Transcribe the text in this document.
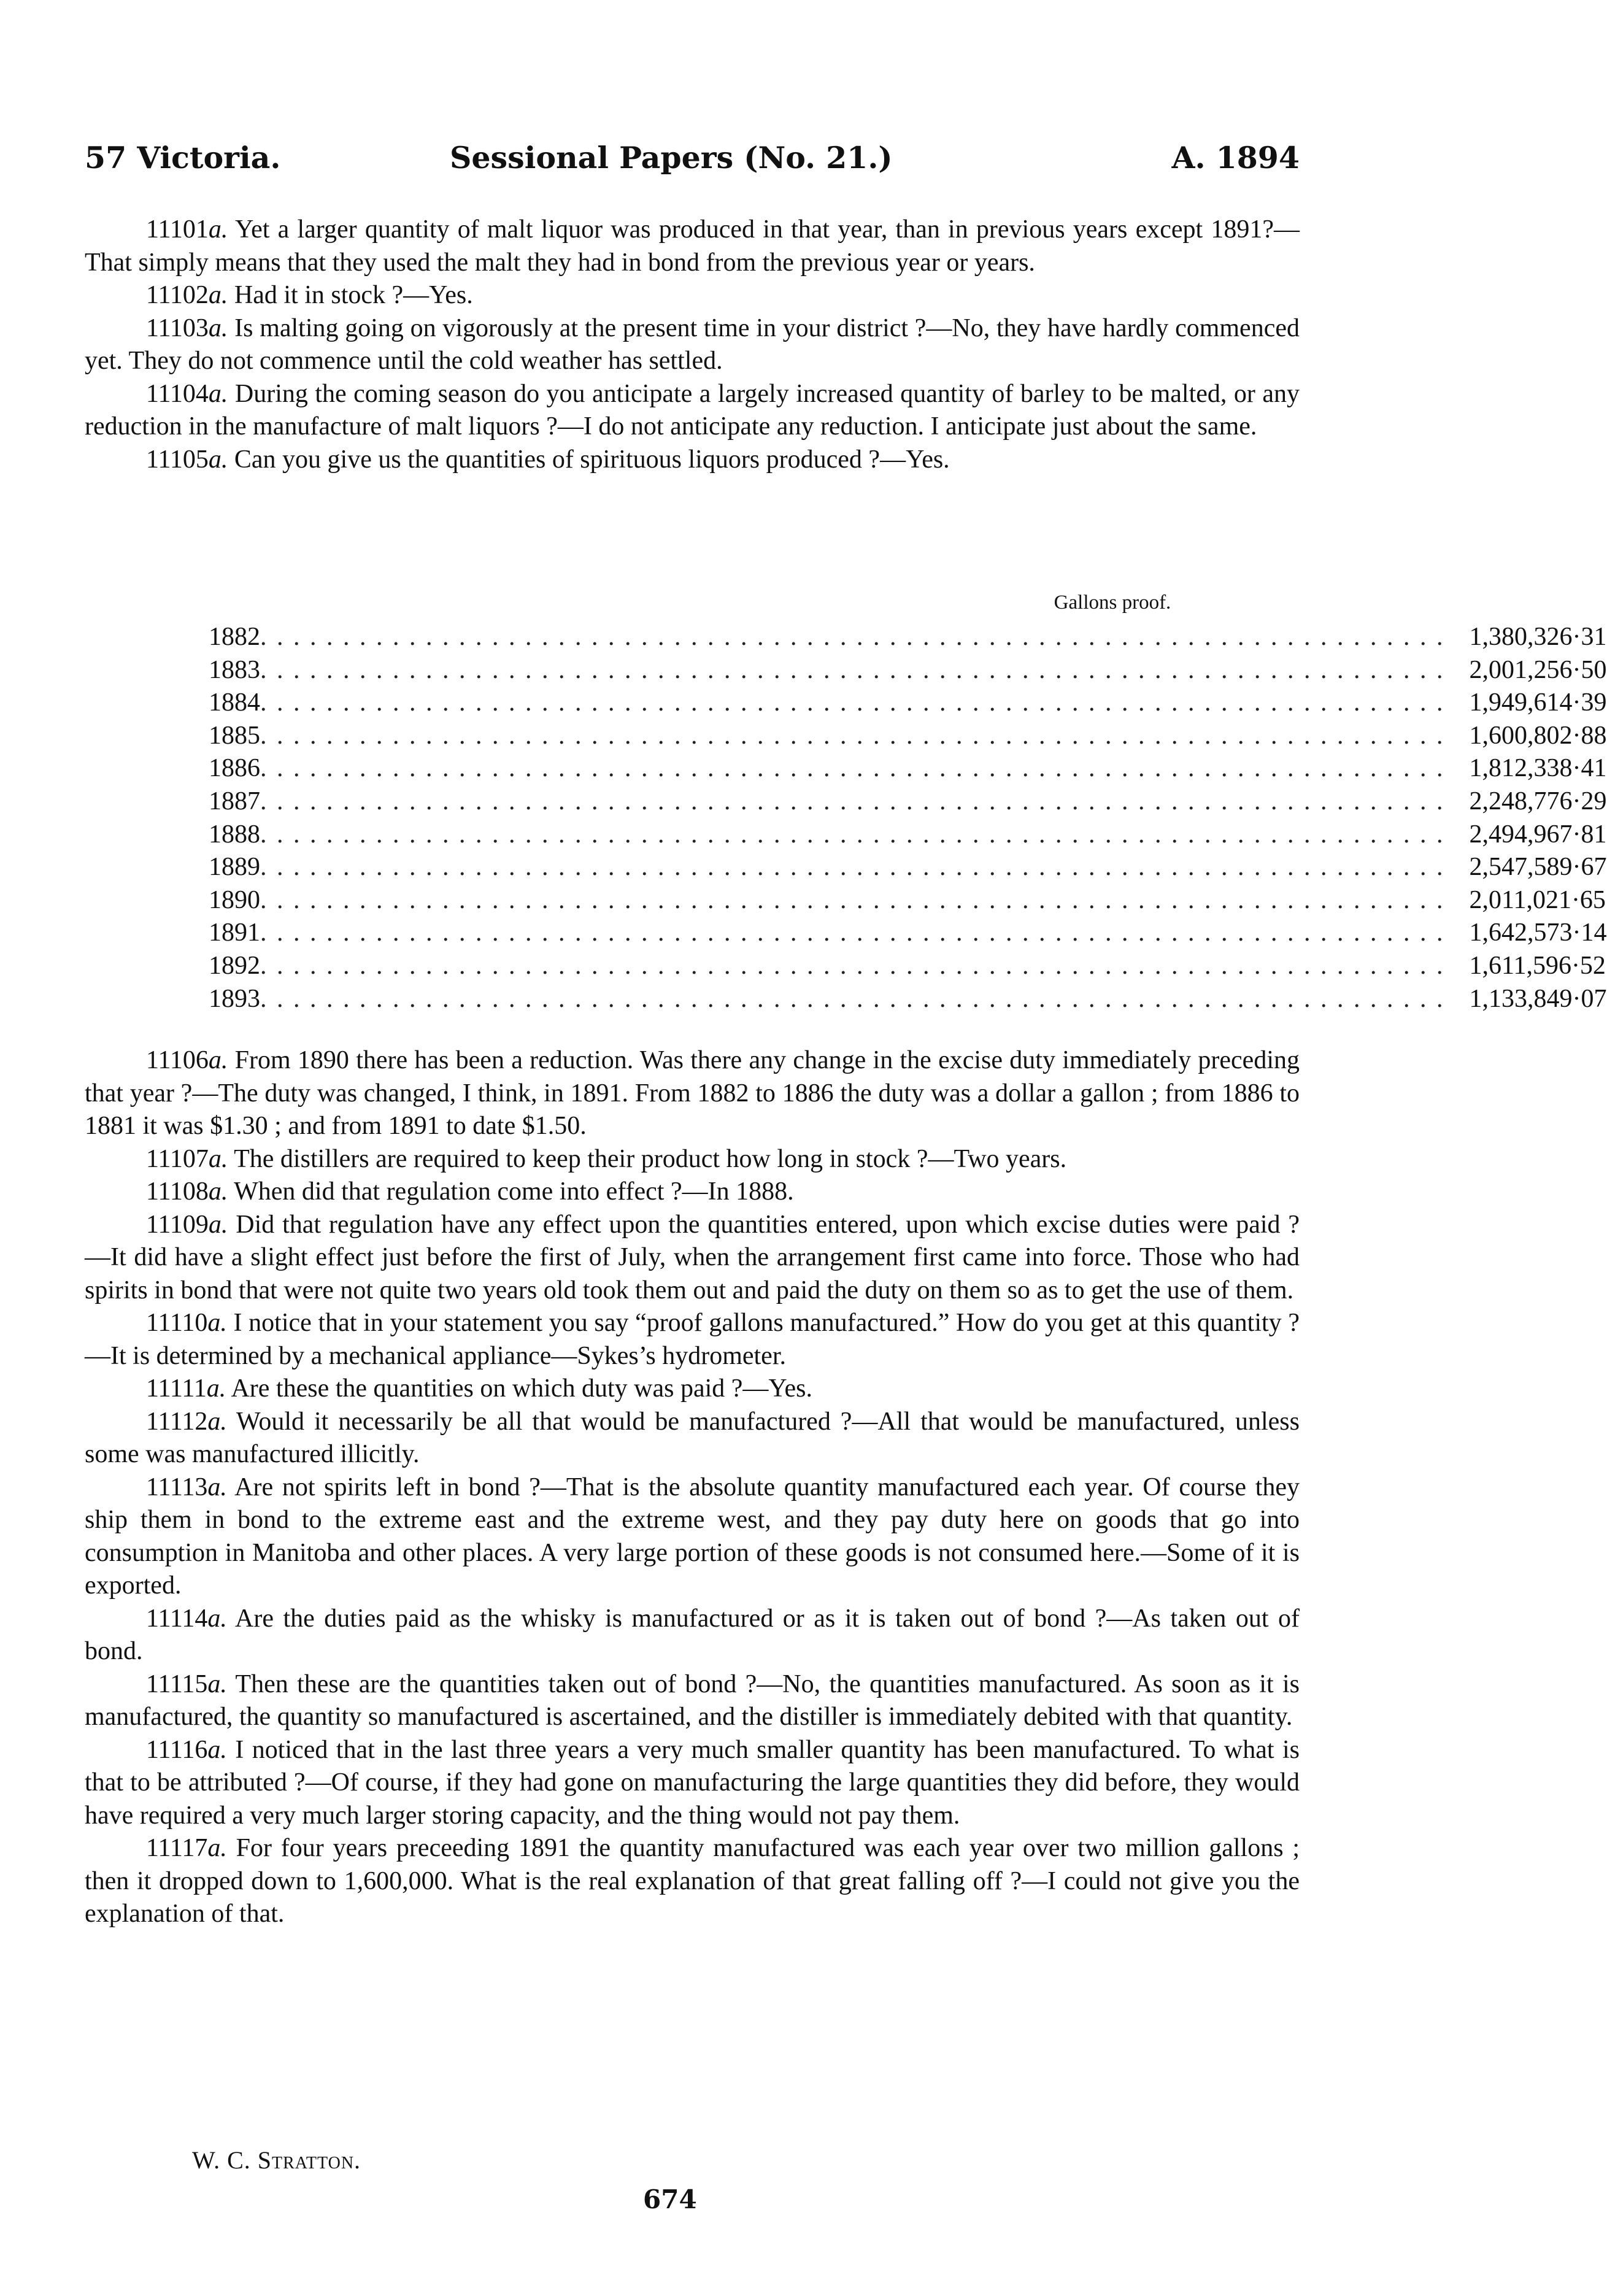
57 Victoria.	Sessional Papers (No. 21.)	A. 1894

11101a. Yet a larger quantity of malt liquor was produced in that year, than in previous years except 1891?—That simply means that they used the malt they had in bond from the previous year or years.

11102a. Had it in stock ?—Yes.

11103a. Is malting going on vigorously at the present time in your district ?—No, they have hardly commenced yet. They do not commence until the cold weather has settled.

11104a. During the coming season do you anticipate a largely increased quantity of barley to be malted, or any reduction in the manufacture of malt liquors ?—I do not anticipate any reduction. I anticipate just about the same.

11105a. Can you give us the quantities of spirituous liquors produced ?—Yes.

Gallons proof.
1882 . . . . . . . . . . . . . . . . . . . . . . . . . . . . . . . . . . . . . . . . . . . . . . . . . . . . . . . . . . . . . . . . . . . . . . . . 1,380,326·31
1883 . . . . . . . . . . . . . . . . . . . . . . . . . . . . . . . . . . . . . . . . . . . . . . . . . . . . . . . . . . . . . . . . . . . . . . . . 2,001,256·50
1884 . . . . . . . . . . . . . . . . . . . . . . . . . . . . . . . . . . . . . . . . . . . . . . . . . . . . . . . . . . . . . . . . . . . . . . . . 1,949,614·39
1885 . . . . . . . . . . . . . . . . . . . . . . . . . . . . . . . . . . . . . . . . . . . . . . . . . . . . . . . . . . . . . . . . . . . . . . . . 1,600,802·88
1886 . . . . . . . . . . . . . . . . . . . . . . . . . . . . . . . . . . . . . . . . . . . . . . . . . . . . . . . . . . . . . . . . . . . . . . . . 1,812,338·41
1887 . . . . . . . . . . . . . . . . . . . . . . . . . . . . . . . . . . . . . . . . . . . . . . . . . . . . . . . . . . . . . . . . . . . . . . . . 2,248,776·29
1888 . . . . . . . . . . . . . . . . . . . . . . . . . . . . . . . . . . . . . . . . . . . . . . . . . . . . . . . . . . . . . . . . . . . . . . . . 2,494,967·81
1889 . . . . . . . . . . . . . . . . . . . . . . . . . . . . . . . . . . . . . . . . . . . . . . . . . . . . . . . . . . . . . . . . . . . . . . . . 2,547,589·67
1890 . . . . . . . . . . . . . . . . . . . . . . . . . . . . . . . . . . . . . . . . . . . . . . . . . . . . . . . . . . . . . . . . . . . . . . . . 2,011,021·65
1891 . . . . . . . . . . . . . . . . . . . . . . . . . . . . . . . . . . . . . . . . . . . . . . . . . . . . . . . . . . . . . . . . . . . . . . . . 1,642,573·14
1892 . . . . . . . . . . . . . . . . . . . . . . . . . . . . . . . . . . . . . . . . . . . . . . . . . . . . . . . . . . . . . . . . . . . . . . . . 1,611,596·52
1893 . . . . . . . . . . . . . . . . . . . . . . . . . . . . . . . . . . . . . . . . . . . . . . . . . . . . . . . . . . . . . . . . . . . . . . . . 1,133,849·07

11106a. From 1890 there has been a reduction. Was there any change in the excise duty immediately preceding that year ?—The duty was changed, I think, in 1891. From 1882 to 1886 the duty was a dollar a gallon ; from 1886 to 1881 it was $1.30 ; and from 1891 to date $1.50.

11107a. The distillers are required to keep their product how long in stock ?—Two years.

11108a. When did that regulation come into effect ?—In 1888.

11109a. Did that regulation have any effect upon the quantities entered, upon which excise duties were paid ?—It did have a slight effect just before the first of July, when the arrangement first came into force. Those who had spirits in bond that were not quite two years old took them out and paid the duty on them so as to get the use of them.

11110a. I notice that in your statement you say “proof gallons manufactured.” How do you get at this quantity ?—It is determined by a mechanical appliance—Sykes’s hydrometer.

11111a. Are these the quantities on which duty was paid ?—Yes.

11112a. Would it necessarily be all that would be manufactured ?—All that would be manufactured, unless some was manufactured illicitly.

11113a. Are not spirits left in bond ?—That is the absolute quantity manufactured each year. Of course they ship them in bond to the extreme east and the extreme west, and they pay duty here on goods that go into consumption in Manitoba and other places. A very large portion of these goods is not consumed here.—Some of it is exported.

11114a. Are the duties paid as the whisky is manufactured or as it is taken out of bond ?—As taken out of bond.

11115a. Then these are the quantities taken out of bond ?—No, the quantities manufactured. As soon as it is manufactured, the quantity so manufactured is ascertained, and the distiller is immediately debited with that quantity.

11116a. I noticed that in the last three years a very much smaller quantity has been manufactured. To what is that to be attributed ?—Of course, if they had gone on manufacturing the large quantities they did before, they would have required a very much larger storing capacity, and the thing would not pay them.

11117a. For four years preceeding 1891 the quantity manufactured was each year over two million gallons ; then it dropped down to 1,600,000. What is the real explanation of that great falling off ?—I could not give you the explanation of that.

W. C. Stratton.
674
